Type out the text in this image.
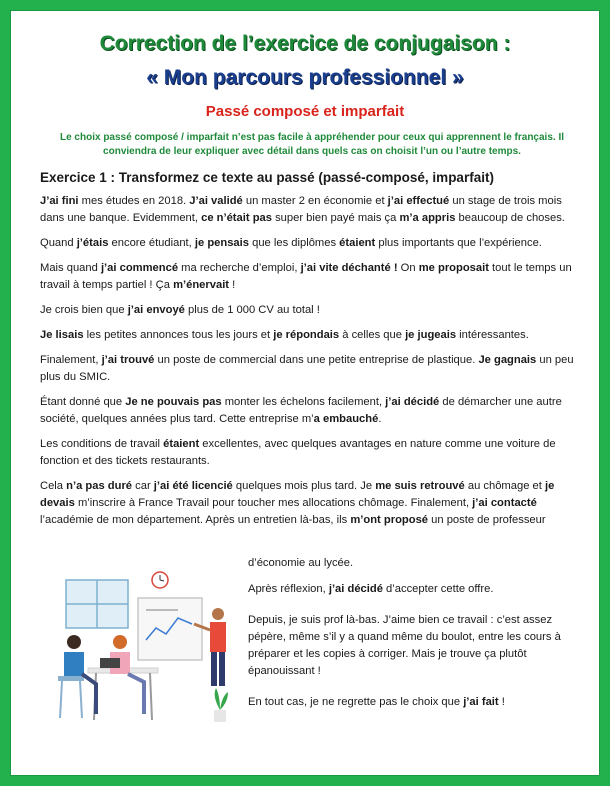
Correction de l’exercice de conjugaison :
« Mon parcours professionnel »
Passé composé et imparfait
Le choix passé composé / imparfait n’est pas facile à appréhender pour ceux qui apprennent le français. Il conviendra de leur expliquer avec détail dans quels cas on choisit l’un ou l’autre temps.
Exercice 1 : Transformez ce texte au passé (passé-composé, imparfait)

J’ai fini mes études en 2018. J’ai validé un master 2 en économie et j’ai effectué un stage de trois mois dans une banque. Evidemment, ce n’était pas super bien payé mais ça m’a appris beaucoup de choses.

Quand j’étais encore étudiant, je pensais que les diplômes étaient plus importants que l’expérience.

Mais quand j’ai commencé ma recherche d’emploi, j’ai vite déchanté ! On me proposait tout le temps un travail à temps partiel ! Ça m’énervait !

Je crois bien que j’ai envoyé plus de 1 000 CV au total !

Je lisais les petites annonces tous les jours et je répondais à celles que je jugeais intéressantes.

Finalement, j’ai trouvé un poste de commercial dans une petite entreprise de plastique. Je gagnais un peu plus du SMIC.

Étant donné que Je ne pouvais pas monter les échelons facilement, j’ai décidé de démarcher une autre société, quelques années plus tard. Cette entreprise m’a embauché.

Les conditions de travail étaient excellentes, avec quelques avantages en nature comme une voiture de fonction et des tickets restaurants.

Cela n’a pas duré car j’ai été licencié quelques mois plus tard. Je me suis retrouvé au chômage et je devais m’inscrire à France Travail pour toucher mes allocations chômage. Finalement, j’ai contacté l’académie de mon département. Après un entretien là-bas, ils m’ont proposé un poste de professeur

d’économie au lycée.

Après réflexion, j’ai décidé d’accepter cette offre.

Depuis, je suis prof là-bas. J’aime bien ce travail : c’est assez pépère, même s’il y a quand même du boulot, entre les cours à préparer et les copies à corriger. Mais je trouve ça plutôt épanouissant !

En tout cas, je ne regrette pas le choix que j’ai fait !
